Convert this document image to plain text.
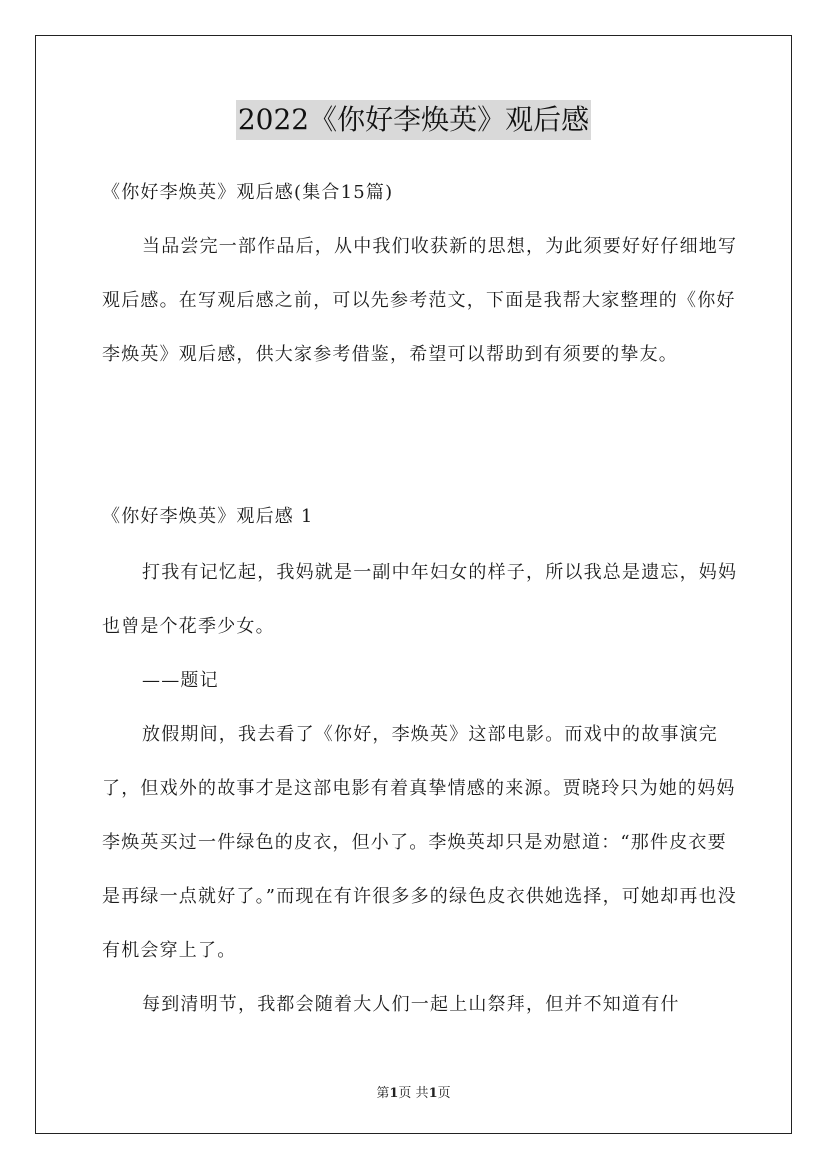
2022《你好李焕英》观后感
《你好李焕英》观后感(集合15篇)
当品尝完一部作品后，从中我们收获新的思想，为此须要好好仔细地写观后感。在写观后感之前，可以先参考范文，下面是我帮大家整理的《你好李焕英》观后感，供大家参考借鉴，希望可以帮助到有须要的挚友。
《你好李焕英》观后感 1
打我有记忆起，我妈就是一副中年妇女的样子，所以我总是遗忘，妈妈也曾是个花季少女。
——题记
放假期间，我去看了《你好，李焕英》这部电影。而戏中的故事演完了，但戏外的故事才是这部电影有着真挚情感的来源。贾晓玲只为她的妈妈李焕英买过一件绿色的皮衣，但小了。李焕英却只是劝慰道：“那件皮衣要是再绿一点就好了。”而现在有许很多多的绿色皮衣供她选择，可她却再也没有机会穿上了。
每到清明节，我都会随着大人们一起上山祭拜，但并不知道有什
第1页 共1页
